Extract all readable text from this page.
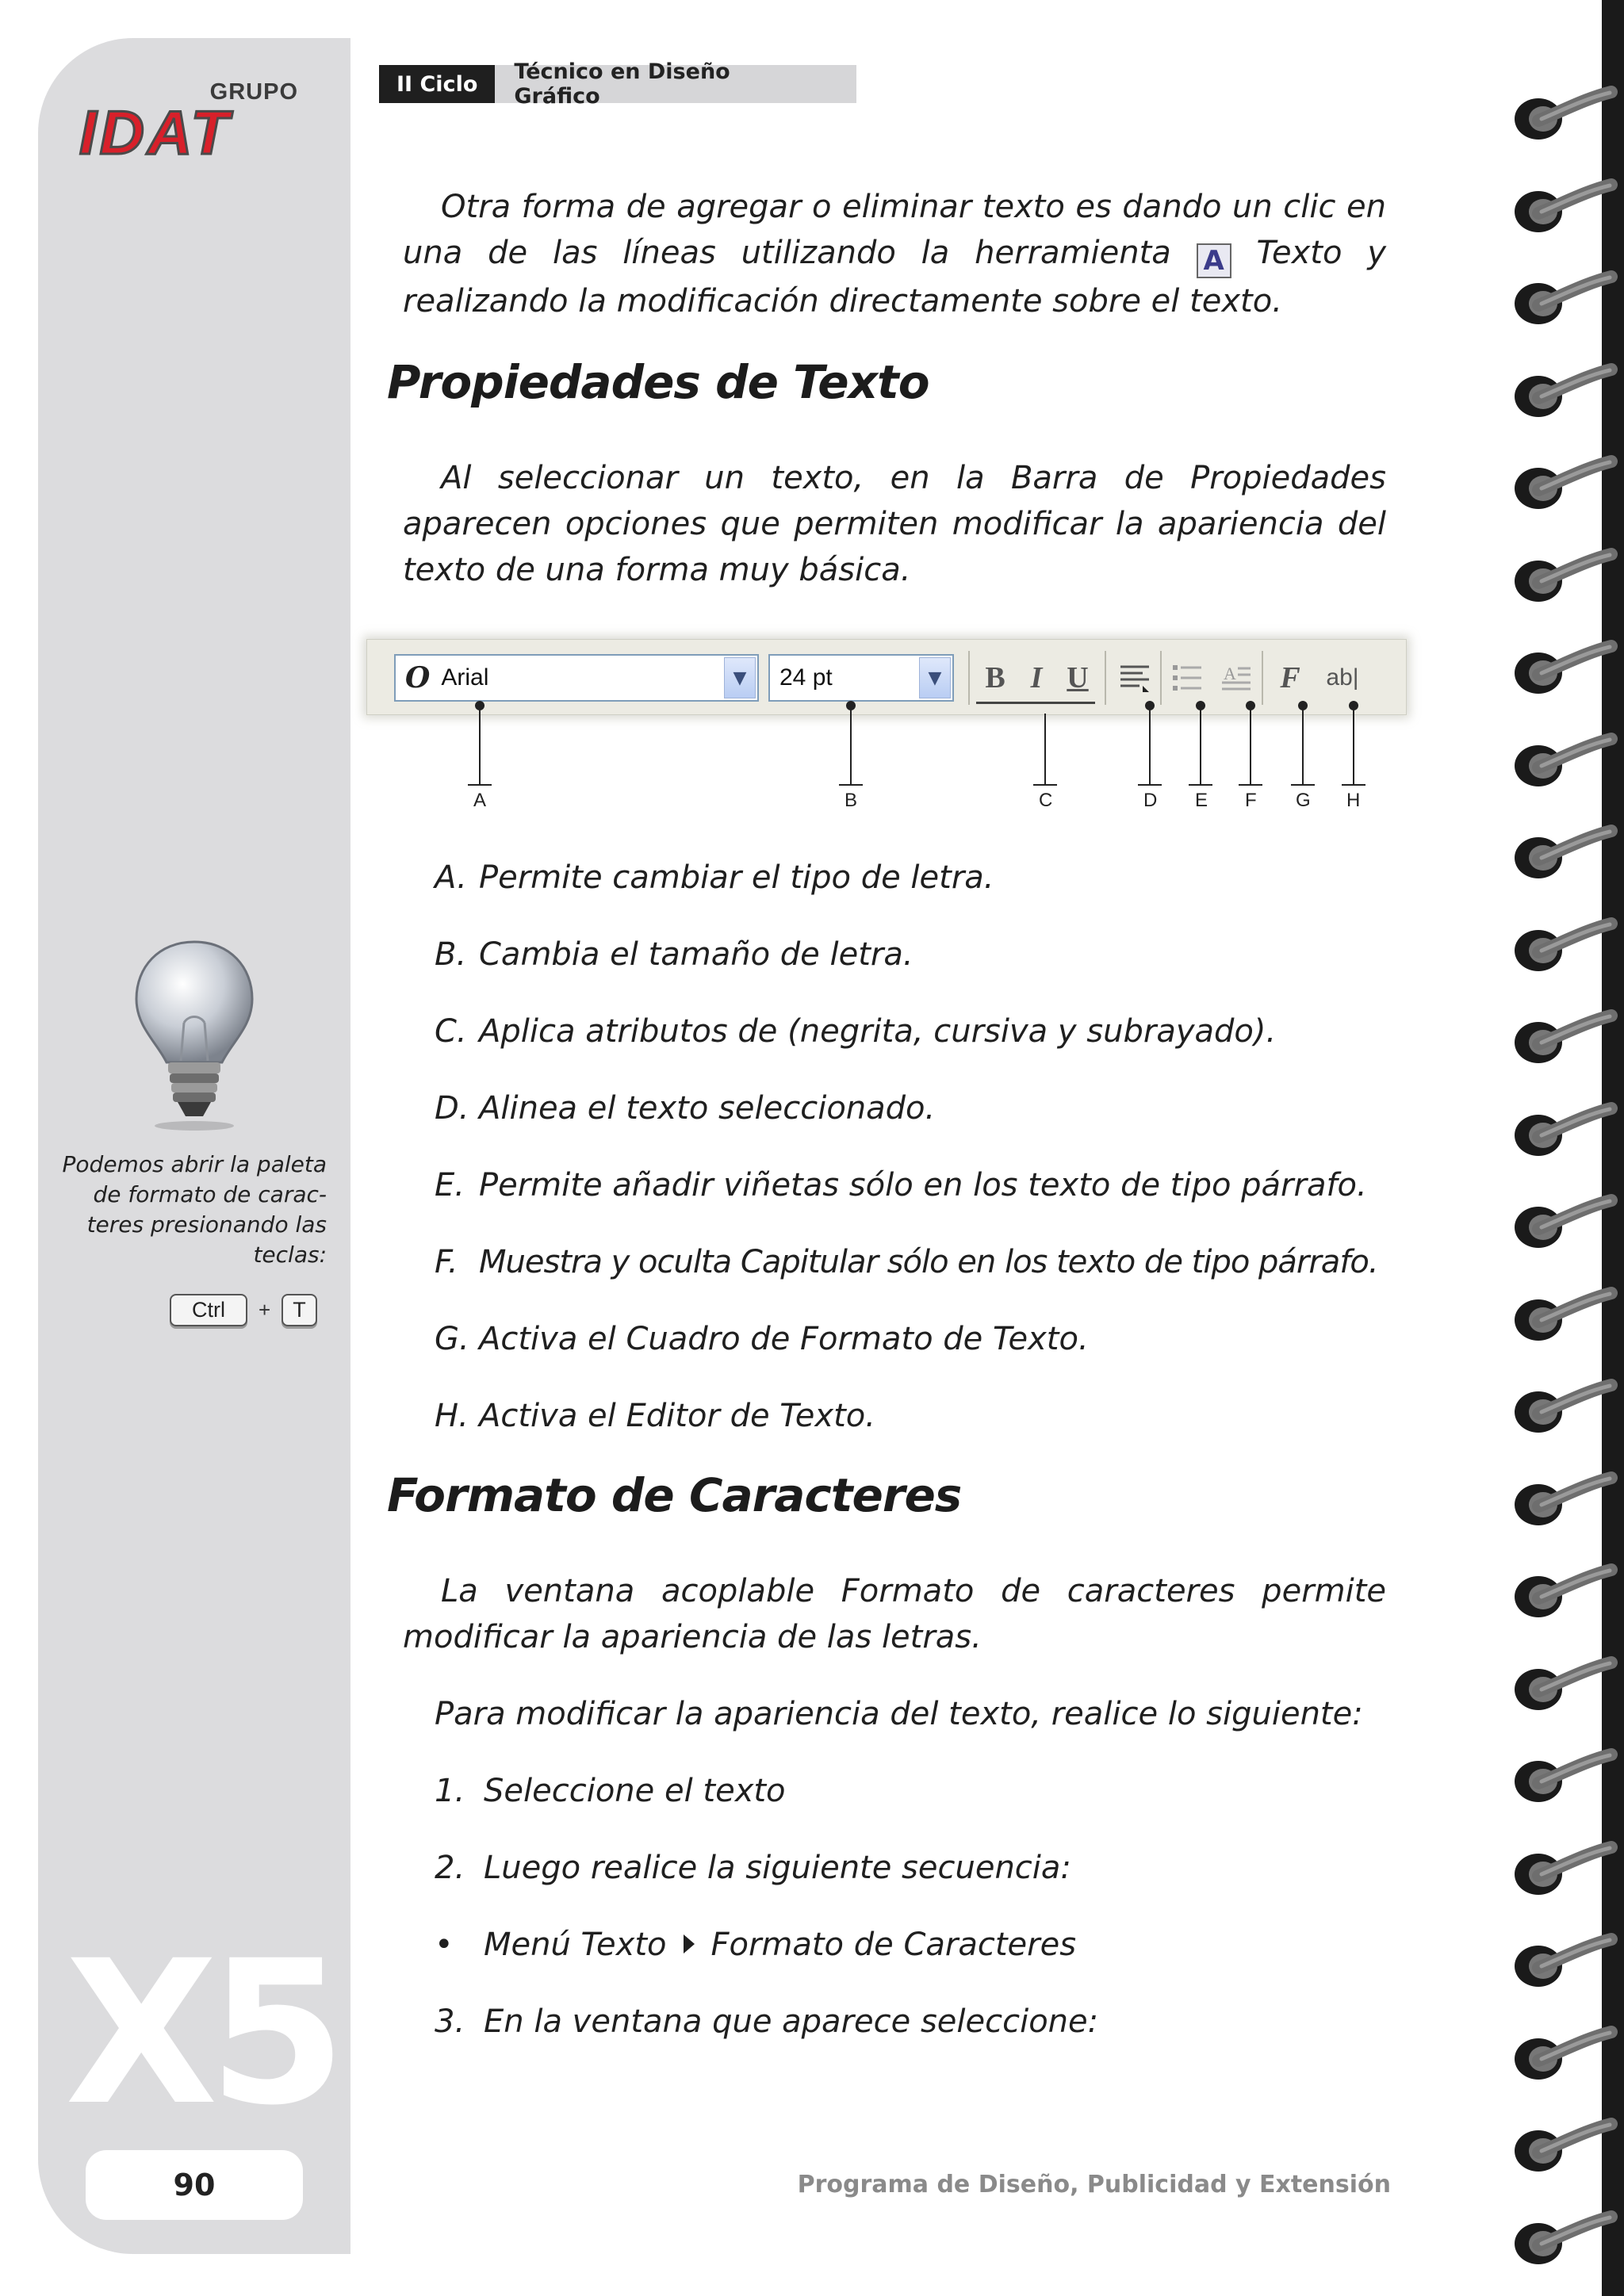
GRUPO
IDAT
Podemos abrir la paleta de formato de carac-teres presionando las teclas:
Ctrl	+	T
X5
90
II Ciclo	Técnico en Diseño Gráfico

Otra forma de agregar o eliminar texto es dando un clic en una de las líneas utilizando la herramienta A Texto y realizando la modificación directamente sobre el texto.

Propiedades de Texto

Al seleccionar un texto, en la Barra de Propiedades aparecen opciones que permiten modificar la apariencia del texto de una forma muy básica.

Formato de Caracteres

La ventana acoplable Formato de caracteres permite modificar la apariencia de las letras.

O Arial	▼	24 pt	▼	B I U	A F	ab|
A	B	C	D E F G H
A. Permite cambiar el tipo de letra.
B. Cambia el tamaño de letra.
C. Aplica atributos de (negrita, cursiva y subrayado).
D. Alinea el texto seleccionado.
E. Permite añadir viñetas sólo en los texto de tipo párrafo.
F. Muestra y oculta Capitular sólo en los texto de tipo párrafo.
G. Activa el Cuadro de Formato de Texto.
H. Activa el Editor de Texto.
Para modificar la apariencia del texto, realice lo siguiente:
1. Seleccione el texto
2. Luego realice la siguiente secuencia:
• Menú Texto Formato de Caracteres
3. En la ventana que aparece seleccione:
Programa de Diseño, Publicidad y Extensión
